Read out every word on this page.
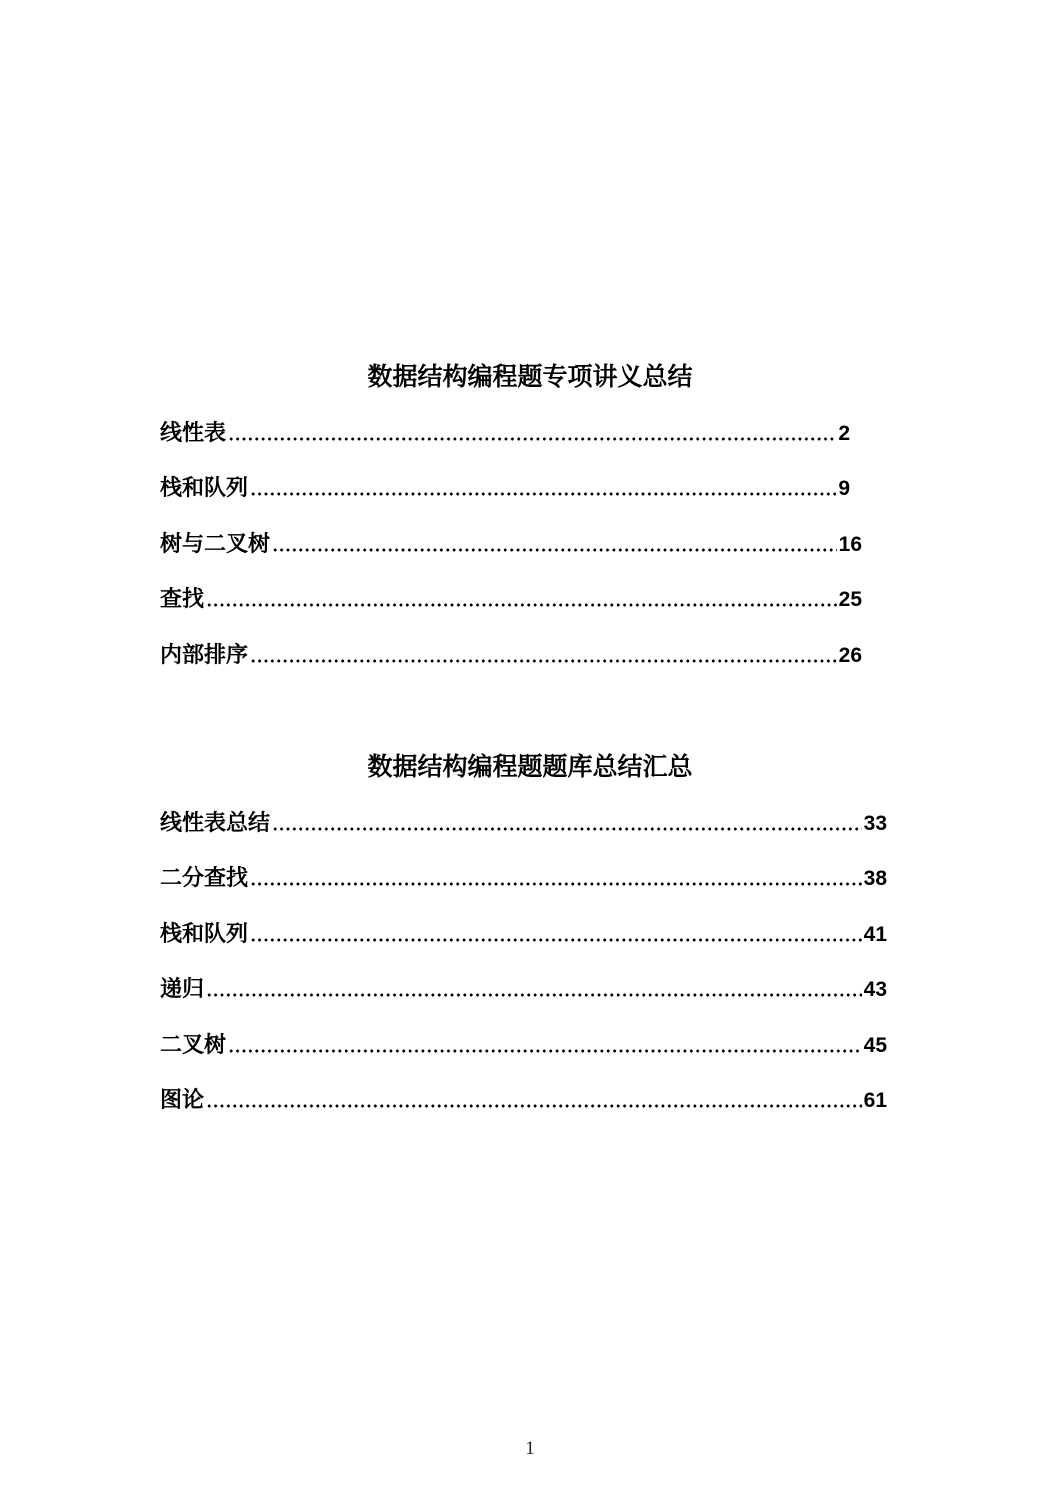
数据结构编程题专项讲义总结
线性表	2
栈和队列	9
树与二叉树	16
查找	25
内部排序	26
数据结构编程题题库总结汇总
线性表总结	33
二分查找	38
栈和队列	41
递归	43
二叉树	45
图论	61
1
